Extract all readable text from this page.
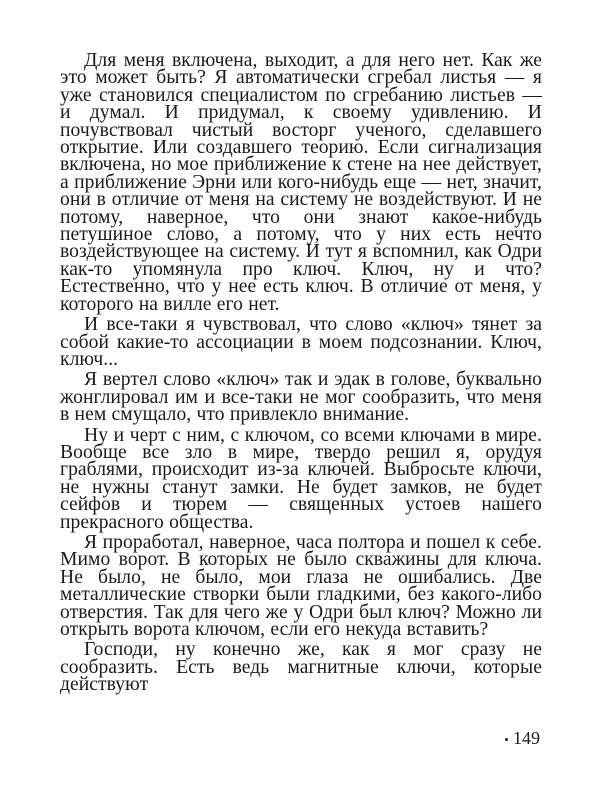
Для меня включена, выходит, а для него нет. Как же это может быть? Я автоматически сгребал листья — я уже становился специалистом по сгребанию листьев — и думал. И придумал, к своему удивлению. И почувствовал чистый восторг ученого, сделавшего открытие. Или создавшего теорию. Если сигнализация включена, но мое приближение к стене на нее действует, а приближение Эрни или кого-нибудь еще — нет, значит, они в отличие от меня на систему не воздействуют. И не потому, наверное, что они знают какое-нибудь петушиное слово, а потому, что у них есть нечто воздействующее на систему. И тут я вспомнил, как Одри как-то упомянула про ключ. Ключ, ну и что? Естественно, что у нее есть ключ. В отличие от меня, у которого на вилле его нет.

И все-таки я чувствовал, что слово «ключ» тянет за собой какие-то ассоциации в моем подсознании. Ключ, ключ...

Я вертел слово «ключ» так и эдак в голове, буквально жонглировал им и все-таки не мог сообразить, что меня в нем смущало, что привлекло внимание.

Ну и черт с ним, с ключом, со всеми ключами в мире. Вообще все зло в мире, твердо решил я, орудуя граблями, происходит из-за ключей. Выбросьте ключи, не нужны станут замки. Не будет замков, не будет сейфов и тюрем — священных устоев нашего прекрасного общества.

Я проработал, наверное, часа полтора и пошел к себе. Мимо ворот. В которых не было скважины для ключа. Не было, не было, мои глаза не ошибались. Две металлические створки были гладкими, без какого-либо отверстия. Так для чего же у Одри был ключ? Можно ли открыть ворота ключом, если его некуда вставить?

Господи, ну конечно же, как я мог сразу не сообразить. Есть ведь магнитные ключи, которые действуют

149
